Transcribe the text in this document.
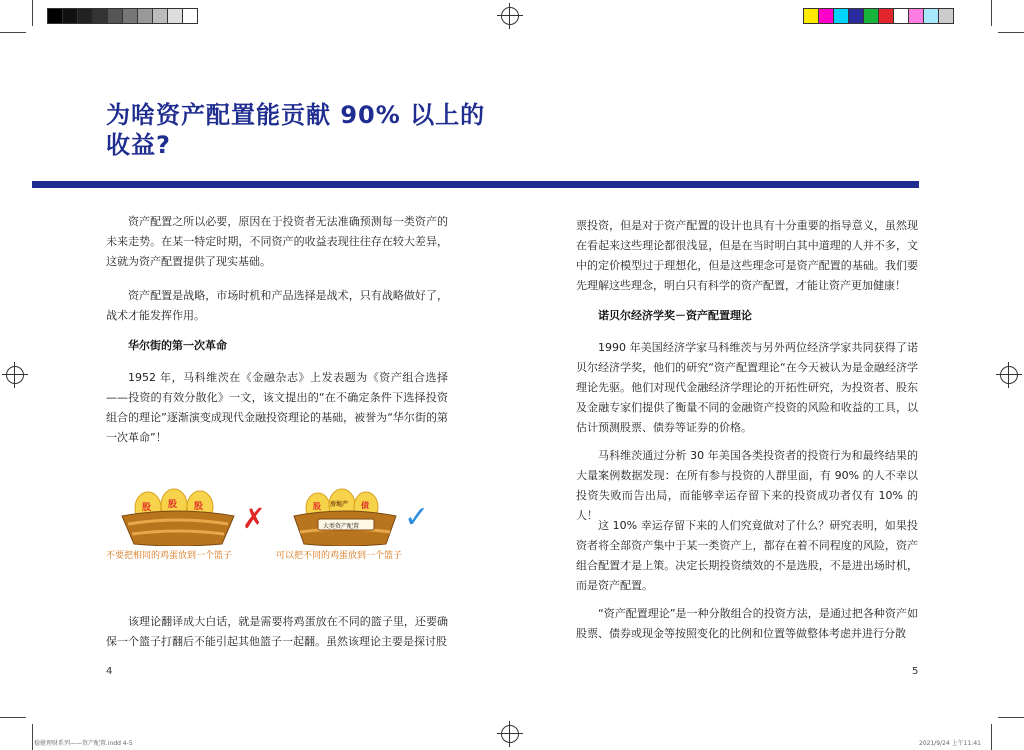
为啥资产配置能贡献 90% 以上的收益?
资产配置之所以必要，原因在于投资者无法准确预测每一类资产的未来走势。在某一特定时期，不同资产的收益表现往往存在较大差异，这就为资产配置提供了现实基础。
资产配置是战略，市场时机和产品选择是战术，只有战略做好了，战术才能发挥作用。
华尔街的第一次革命
1952 年，马科维茨在《金融杂志》上发表题为《资产组合选择——投资的有效分散化》一文，该文提出的“在不确定条件下选择投资组合的理论”逐渐演变成现代金融投资理论的基础，被誉为“华尔街的第一次革命”！
股 股 股 ✗
不要把相同的鸡蛋放到一个篮子
股 房地产 债
大类资产配置 ✓
可以把不同的鸡蛋放到一个篮子
该理论翻译成大白话，就是需要将鸡蛋放在不同的篮子里，还要确保一个篮子打翻后不能引起其他篮子一起翻。虽然该理论主要是探讨股
票投资，但是对于资产配置的设计也具有十分重要的指导意义，虽然现在看起来这些理论都很浅显，但是在当时明白其中道理的人并不多，文中的定价模型过于理想化，但是这些理念可是资产配置的基础。我们要先理解这些理念，明白只有科学的资产配置，才能让资产更加健康！
诺贝尔经济学奖－资产配置理论
1990 年美国经济学家马科维茨与另外两位经济学家共同获得了诺贝尔经济学奖，他们的研究“资产配置理论“在今天被认为是金融经济学理论先驱。他们对现代金融经济学理论的开拓性研究，为投资者、股东及金融专家们提供了衡量不同的金融资产投资的风险和收益的工具，以估计预测股票、债券等证券的价格。
马科维茨通过分析 30 年美国各类投资者的投资行为和最终结果的大量案例数据发现：在所有参与投资的人群里面，有 90% 的人不幸以投资失败而告出局，而能够幸运存留下来的投资成功者仅有 10% 的人！
这 10% 幸运存留下来的人们究竟做对了什么？研究表明，如果投资者将全部资产集中于某一类资产上，都存在着不同程度的风险，资产组合配置才是上策。决定长期投资绩效的不是选股，不是进出场时机，而是资产配置。
“资产配置理论”是一种分散组合的投资方法，是通过把各种资产如股票、债券或现金等按照变化的比例和位置等做整体考虑并进行分散
4	5
稳健理财系列——资产配置.indd 4-5	2021/9/24 上午11:41
